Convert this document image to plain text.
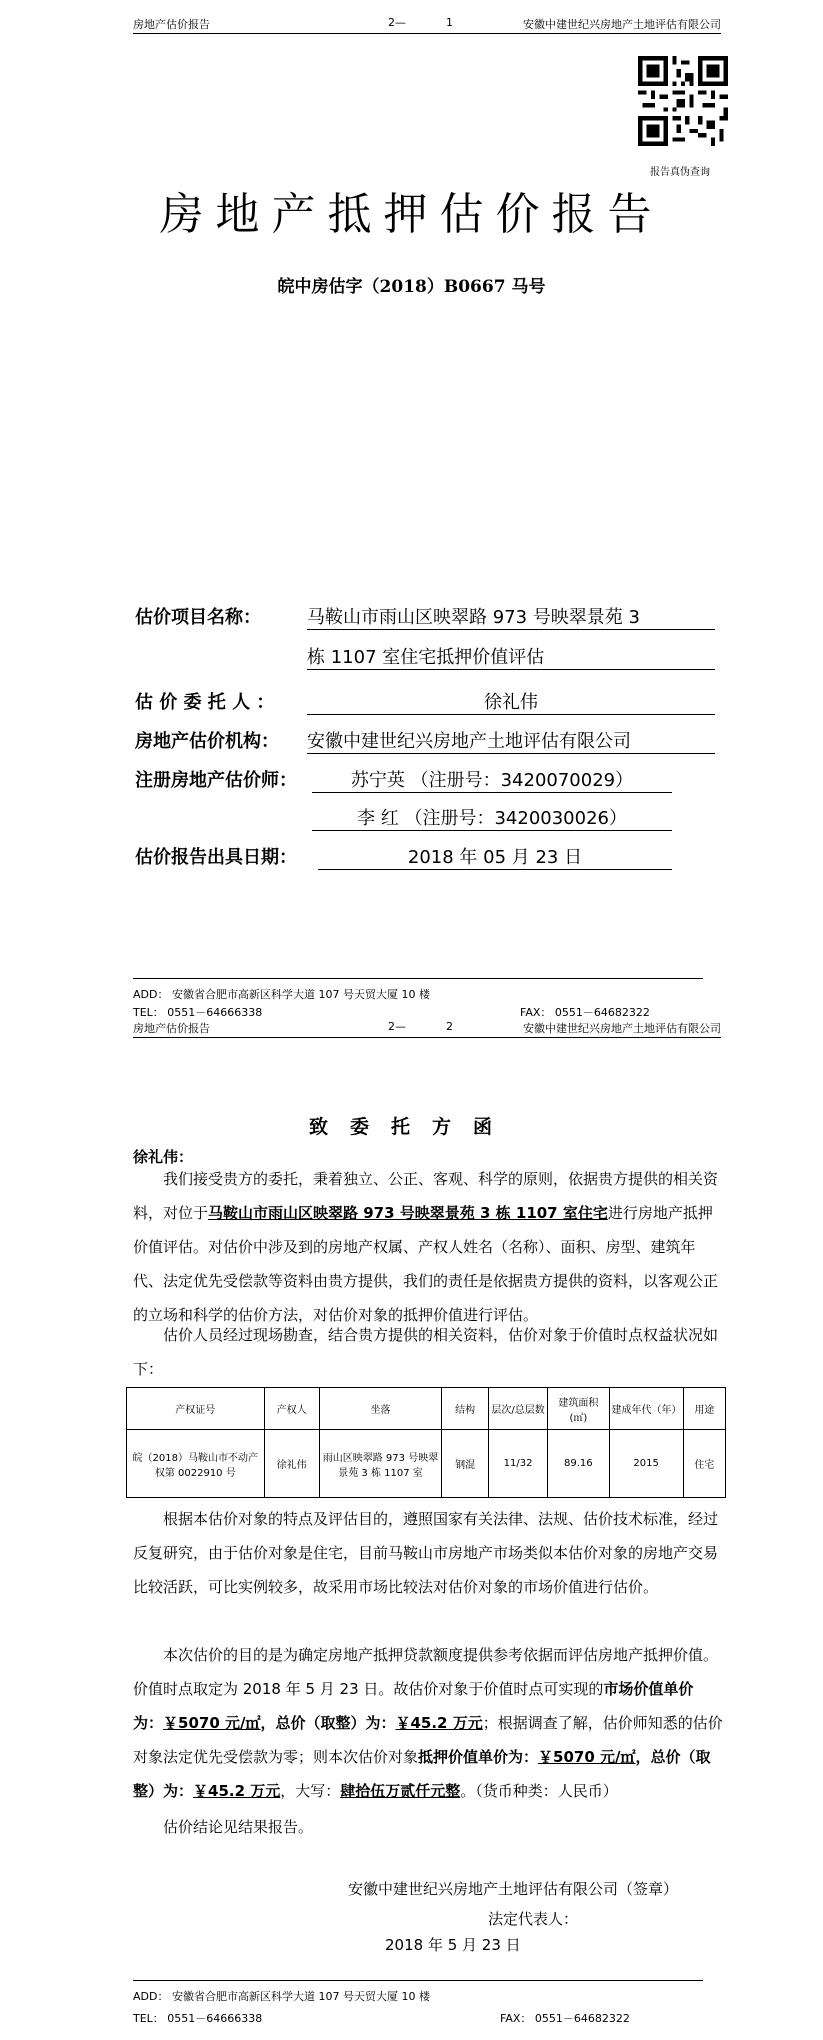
房地产估价报告	2—	1	安徽中建世纪兴房地产土地评估有限公司
报告真伪查询
房地产抵押估价报告
皖中房估字（2018）B0667 马号
估价项目名称：	马鞍山市雨山区映翠路 973 号映翠景苑 3
栋 1107 室住宅抵押价值评估
估 价 委 托 人 ：	徐礼伟
房地产估价机构： 安徽中建世纪兴房地产土地评估有限公司
注册房地产估价师：	苏宁英 （注册号：3420070029）
李 红 （注册号：3420030026）
估价报告出具日期：	2018 年 05 月 23 日
ADD： 安徽省合肥市高新区科学大道 107 号天贸大厦 10 楼
TEL： 0551－64666338	FAX： 0551－64682322
房地产估价报告	2—	2	安徽中建世纪兴房地产土地评估有限公司
致委托方函
徐礼伟：
我们接受贵方的委托，秉着独立、公正、客观、科学的原则，依据贵方提供的相关资料，对位于马鞍山市雨山区映翠路 973 号映翠景苑 3 栋 1107 室住宅进行房地产抵押价值评估。对估价中涉及到的房地产权属、产权人姓名（名称）、面积、房型、建筑年代、法定优先受偿款等资料由贵方提供，我们的责任是依据贵方提供的资料，以客观公正的立场和科学的估价方法，对估价对象的抵押价值进行评估。
估价人员经过现场勘查，结合贵方提供的相关资料，估价对象于价值时点权益状况如下：
产权证号	产权人	坐落	结构	层次/总层数	建筑面积(㎡)	建成年代（年）	用途
皖（2018）马鞍山市不动产权第 0022910 号	徐礼伟	雨山区映翠路 973 号映翠景苑 3 栋 1107 室	钢混	11/32	89.16	2015	住宅
根据本估价对象的特点及评估目的，遵照国家有关法律、法规、估价技术标准，经过反复研究，由于估价对象是住宅，目前马鞍山市房地产市场类似本估价对象的房地产交易比较活跃，可比实例较多，故采用市场比较法对估价对象的市场价值进行估价。
本次估价的目的是为确定房地产抵押贷款额度提供参考依据而评估房地产抵押价值。价值时点取定为 2018 年 5 月 23 日。故估价对象于价值时点可实现的市场价值单价为：￥5070 元/㎡，总价（取整）为：￥45.2 万元；根据调查了解，估价师知悉的估价对象法定优先受偿款为零；则本次估价对象抵押价值单价为：￥5070 元/㎡，总价（取整）为：￥45.2 万元，大写：肆拾伍万贰仟元整。（货币种类：人民币）
估价结论见结果报告。
安徽中建世纪兴房地产土地评估有限公司（签章）
法定代表人：
2018 年 5 月 23 日
ADD： 安徽省合肥市高新区科学大道 107 号天贸大厦 10 楼
TEL： 0551－64666338	FAX： 0551－64682322
